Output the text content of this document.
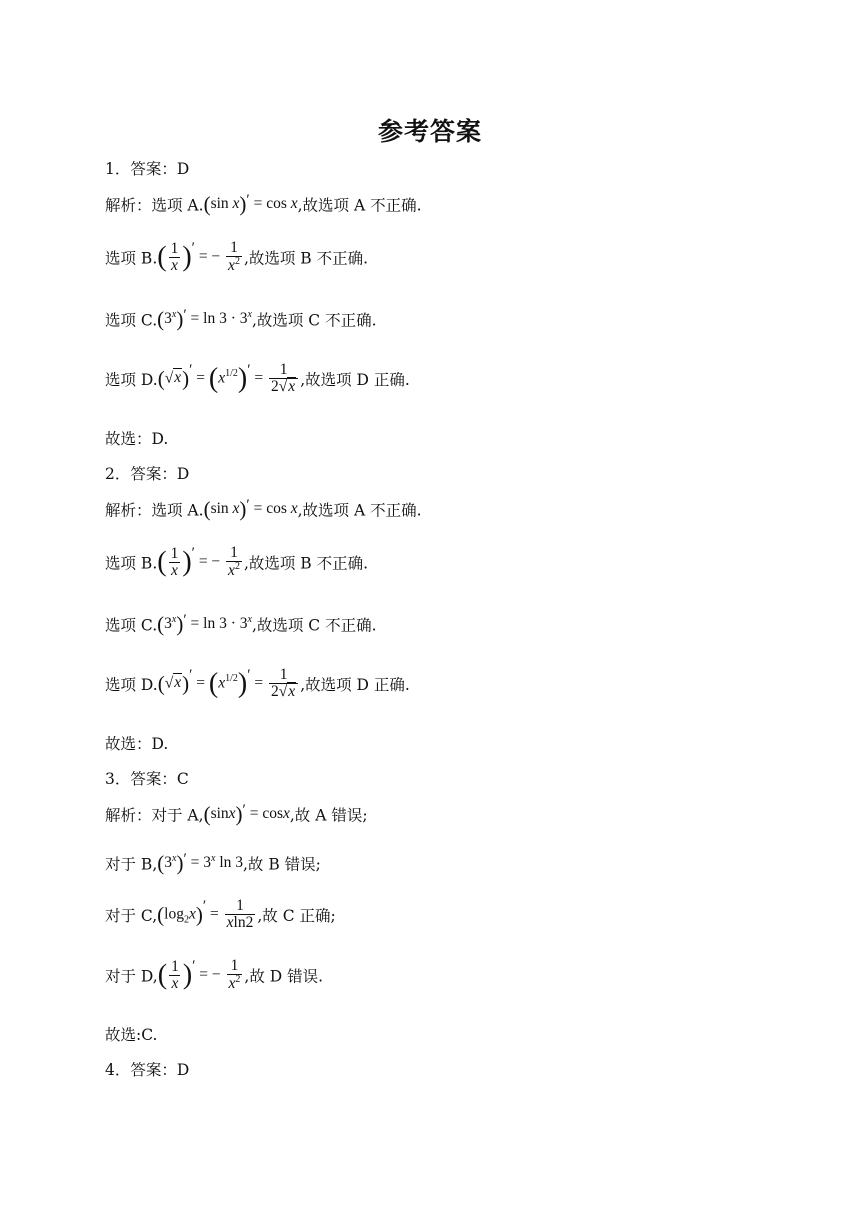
参考答案
1．答案：D
解析：选项 A.(sin x)′ = cos x,故选项 A 不正确.
选项 $B.( \frac{1}{x}$ )′ = − $\frac{1}{x^2}$ ,故选项 B 不正确.
选项 $C.(3^x)' = \ln 3 \cdot 3^x$,故选项 C 不正确.
选项 $D.(√x)' = (x^{1/2})' = \frac{1}{2√x}$ ,故选项 D 正确.
故选：D.
2．答案：D
解析：选项 A.(sin x)′ = cos x,故选项 A 不正确.
选项 $B.( \frac{1}{x}$ )′ = − $\frac{1}{x^2}$ ,故选项 B 不正确.
选项 $C.(3^x)' = \ln 3 \cdot 3^x$,故选项 C 不正确.
选项 $D.(√x)' = (x^{1/2})' = \frac{1}{2√x}$ ,故选项 D 正确.
故选：D.
3．答案：C
解析：对于 A,(sinx)′ = cosx,故 A 错误;
对于 $B,(3^x)' = 3^x$ ln 3,故 B 错误;
对于 $C,(\log_2x)' = \frac{1}{xln2}$ ,故 C 正确;
对于 $D,( \frac{1}{x}$ )′ = − $\frac{1}{x^2}$ ,故 D 错误.
故选:C.
4．答案：D
